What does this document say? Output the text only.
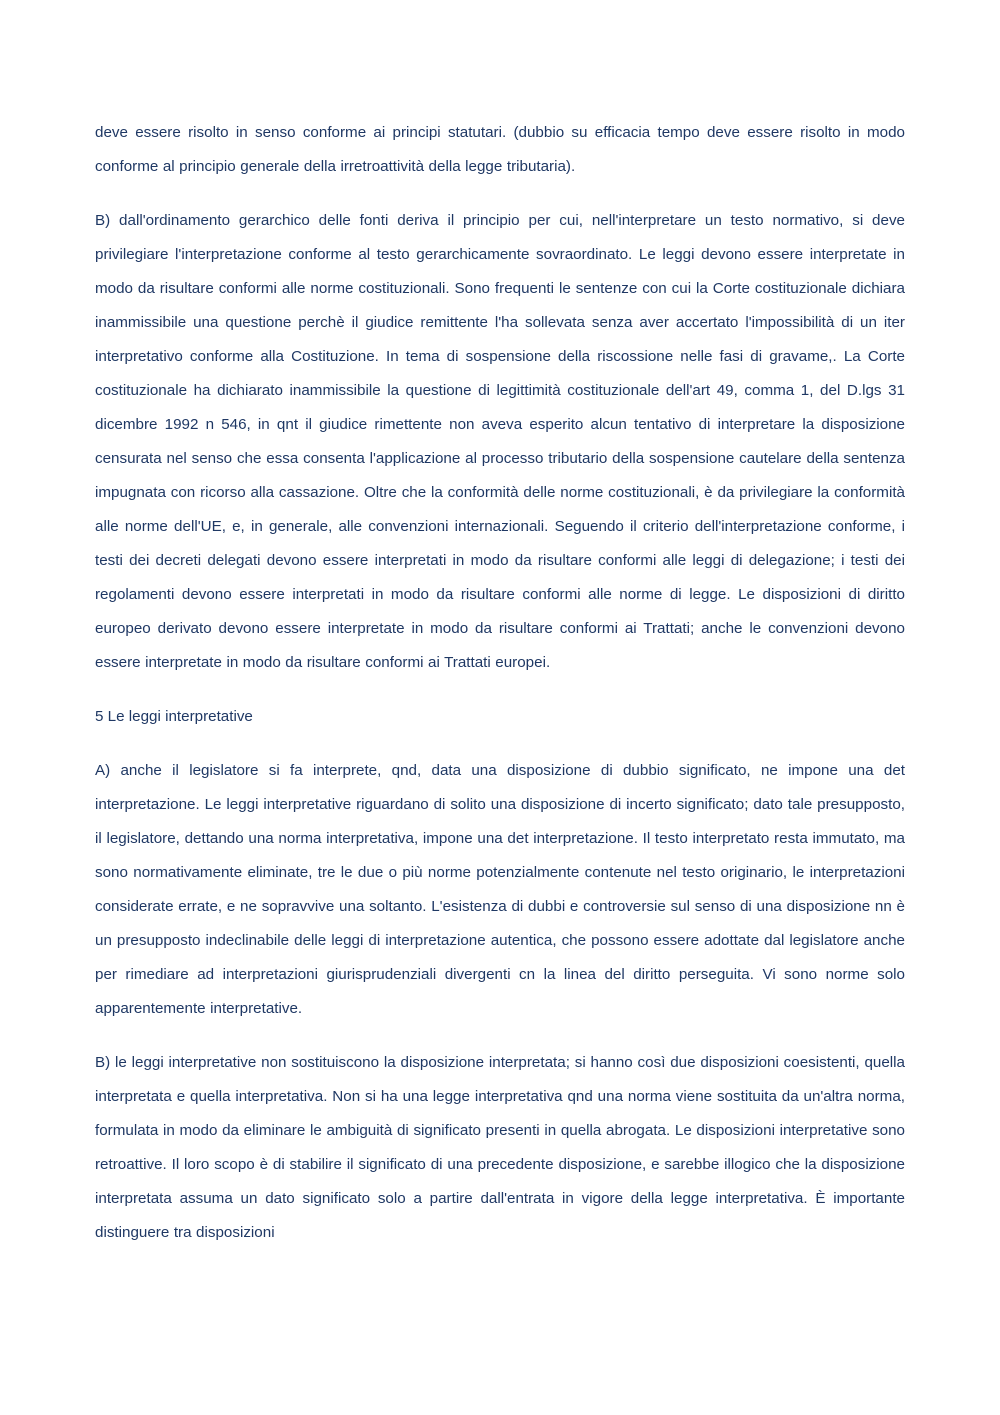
deve essere risolto in senso conforme ai principi statutari. (dubbio su efficacia tempo deve essere risolto in modo conforme al principio generale della irretroattività della legge tributaria).

B) dall'ordinamento gerarchico delle fonti deriva il principio per cui, nell'interpretare un testo normativo, si deve privilegiare l'interpretazione conforme al testo gerarchicamente sovraordinato. Le leggi devono essere interpretate in modo da risultare conformi alle norme costituzionali. Sono frequenti le sentenze con cui la Corte costituzionale dichiara inammissibile una questione perchè il giudice remittente l'ha sollevata senza aver accertato l'impossibilità di un iter interpretativo conforme alla Costituzione. In tema di sospensione della riscossione nelle fasi di gravame,. La Corte costituzionale ha dichiarato inammissibile la questione di legittimità costituzionale dell'art 49, comma 1, del D.lgs 31 dicembre 1992 n 546, in qnt il giudice rimettente non aveva esperito alcun tentativo di interpretare la disposizione censurata nel senso che essa consenta l'applicazione al processo tributario della sospensione cautelare della sentenza impugnata con ricorso alla cassazione. Oltre che la conformità delle norme costituzionali, è da privilegiare la conformità alle norme dell'UE, e, in generale, alle convenzioni internazionali. Seguendo il criterio dell'interpretazione conforme, i testi dei decreti delegati devono essere interpretati in modo da risultare conformi alle leggi di delegazione; i testi dei regolamenti devono essere interpretati in modo da risultare conformi alle norme di legge. Le disposizioni di diritto europeo derivato devono essere interpretate in modo da risultare conformi ai Trattati; anche le convenzioni devono essere interpretate in modo da risultare conformi ai Trattati europei.

5 Le leggi interpretative

A) anche il legislatore si fa interprete, qnd, data una disposizione di dubbio significato, ne impone una det interpretazione. Le leggi interpretative riguardano di solito una disposizione di incerto significato; dato tale presupposto, il legislatore, dettando una norma interpretativa, impone una det interpretazione. Il testo interpretato resta immutato, ma sono normativamente eliminate, tre le due o più norme potenzialmente contenute nel testo originario, le interpretazioni considerate errate, e ne sopravvive una soltanto. L'esistenza di dubbi e controversie sul senso di una disposizione nn è un presupposto indeclinabile delle leggi di interpretazione autentica, che possono essere adottate dal legislatore anche per rimediare ad interpretazioni giurisprudenziali divergenti cn la linea del diritto perseguita. Vi sono norme solo apparentemente interpretative.

B) le leggi interpretative non sostituiscono la disposizione interpretata; si hanno così due disposizioni coesistenti, quella interpretata e quella interpretativa. Non si ha una legge interpretativa qnd una norma viene sostituita da un'altra norma, formulata in modo da eliminare le ambiguità di significato presenti in quella abrogata. Le disposizioni interpretative sono retroattive. Il loro scopo è di stabilire il significato di una precedente disposizione, e sarebbe illogico che la disposizione interpretata assuma un dato significato solo a partire dall'entrata in vigore della legge interpretativa. È importante distinguere tra disposizioni
